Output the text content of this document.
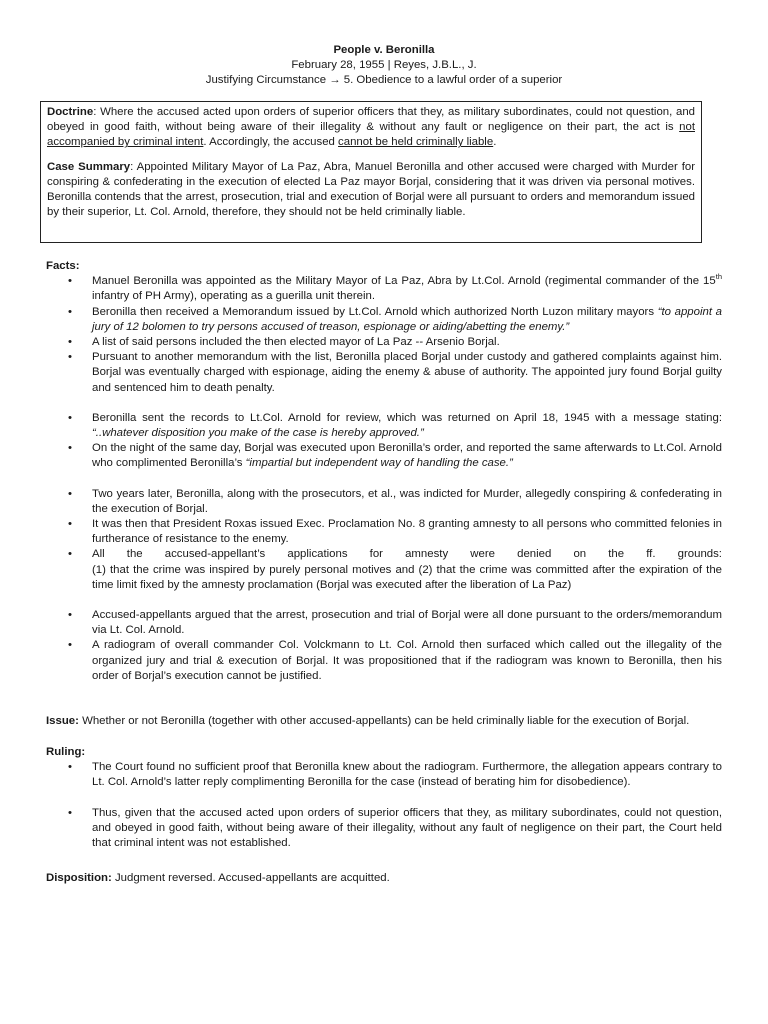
People v. Beronilla
February 28, 1955 | Reyes, J.B.L., J.
Justifying Circumstance → 5. Obedience to a lawful order of a superior

Doctrine: Where the accused acted upon orders of superior officers that they, as military subordinates, could not question, and obeyed in good faith, without being aware of their illegality & without any fault or negligence on their part, the act is not accompanied by criminal intent. Accordingly, the accused cannot be held criminally liable.

Case Summary: Appointed Military Mayor of La Paz, Abra, Manuel Beronilla and other accused were charged with Murder for conspiring & confederating in the execution of elected La Paz mayor Borjal, considering that it was driven via personal motives. Beronilla contends that the arrest, prosecution, trial and execution of Borjal were all pursuant to orders and memorandum issued by their superior, Lt. Col. Arnold, therefore, they should not be held criminally liable.

Facts:
• Manuel Beronilla was appointed as the Military Mayor of La Paz, Abra by Lt.Col. Arnold (regimental commander of the 15th infantry of PH Army), operating as a guerilla unit therein.
• Beronilla then received a Memorandum issued by Lt.Col. Arnold which authorized North Luzon military mayors “to appoint a jury of 12 bolomen to try persons accused of treason, espionage or aiding/abetting the enemy.”
• A list of said persons included the then elected mayor of La Paz -- Arsenio Borjal.
• Pursuant to another memorandum with the list, Beronilla placed Borjal under custody and gathered complaints against him. Borjal was eventually charged with espionage, aiding the enemy & abuse of authority. The appointed jury found Borjal guilty and sentenced him to death penalty.
• Beronilla sent the records to Lt.Col. Arnold for review, which was returned on April 18, 1945 with a message stating: “..whatever disposition you make of the case is hereby approved.”
• On the night of the same day, Borjal was executed upon Beronilla’s order, and reported the same afterwards to Lt.Col. Arnold who complimented Beronilla’s “impartial but independent way of handling the case.”
• Two years later, Beronilla, along with the prosecutors, et al., was indicted for Murder, allegedly conspiring & confederating in the execution of Borjal.
• It was then that President Roxas issued Exec. Proclamation No. 8 granting amnesty to all persons who committed felonies in furtherance of resistance to the enemy.
• All the accused-appellant’s applications for amnesty were denied on the ff. grounds:
(1) that the crime was inspired by purely personal motives and (2) that the crime was committed after the expiration of the time limit fixed by the amnesty proclamation (Borjal was executed after the liberation of La Paz)
• Accused-appellants argued that the arrest, prosecution and trial of Borjal were all done pursuant to the orders/memorandum via Lt. Col. Arnold.
• A radiogram of overall commander Col. Volckmann to Lt. Col. Arnold then surfaced which called out the illegality of the organized jury and trial & execution of Borjal. It was propositioned that if the radiogram was known to Beronilla, then his order of Borjal’s execution cannot be justified.
Issue: Whether or not Beronilla (together with other accused-appellants) can be held criminally liable for the execution of Borjal.
Ruling:
• The Court found no sufficient proof that Beronilla knew about the radiogram. Furthermore, the allegation appears contrary to Lt. Col. Arnold’s latter reply complimenting Beronilla for the case (instead of berating him for disobedience).
• Thus, given that the accused acted upon orders of superior officers that they, as military subordinates, could not question, and obeyed in good faith, without being aware of their illegality, without any fault of negligence on their part, the Court held that criminal intent was not established.
Disposition: Judgment reversed. Accused-appellants are acquitted.
